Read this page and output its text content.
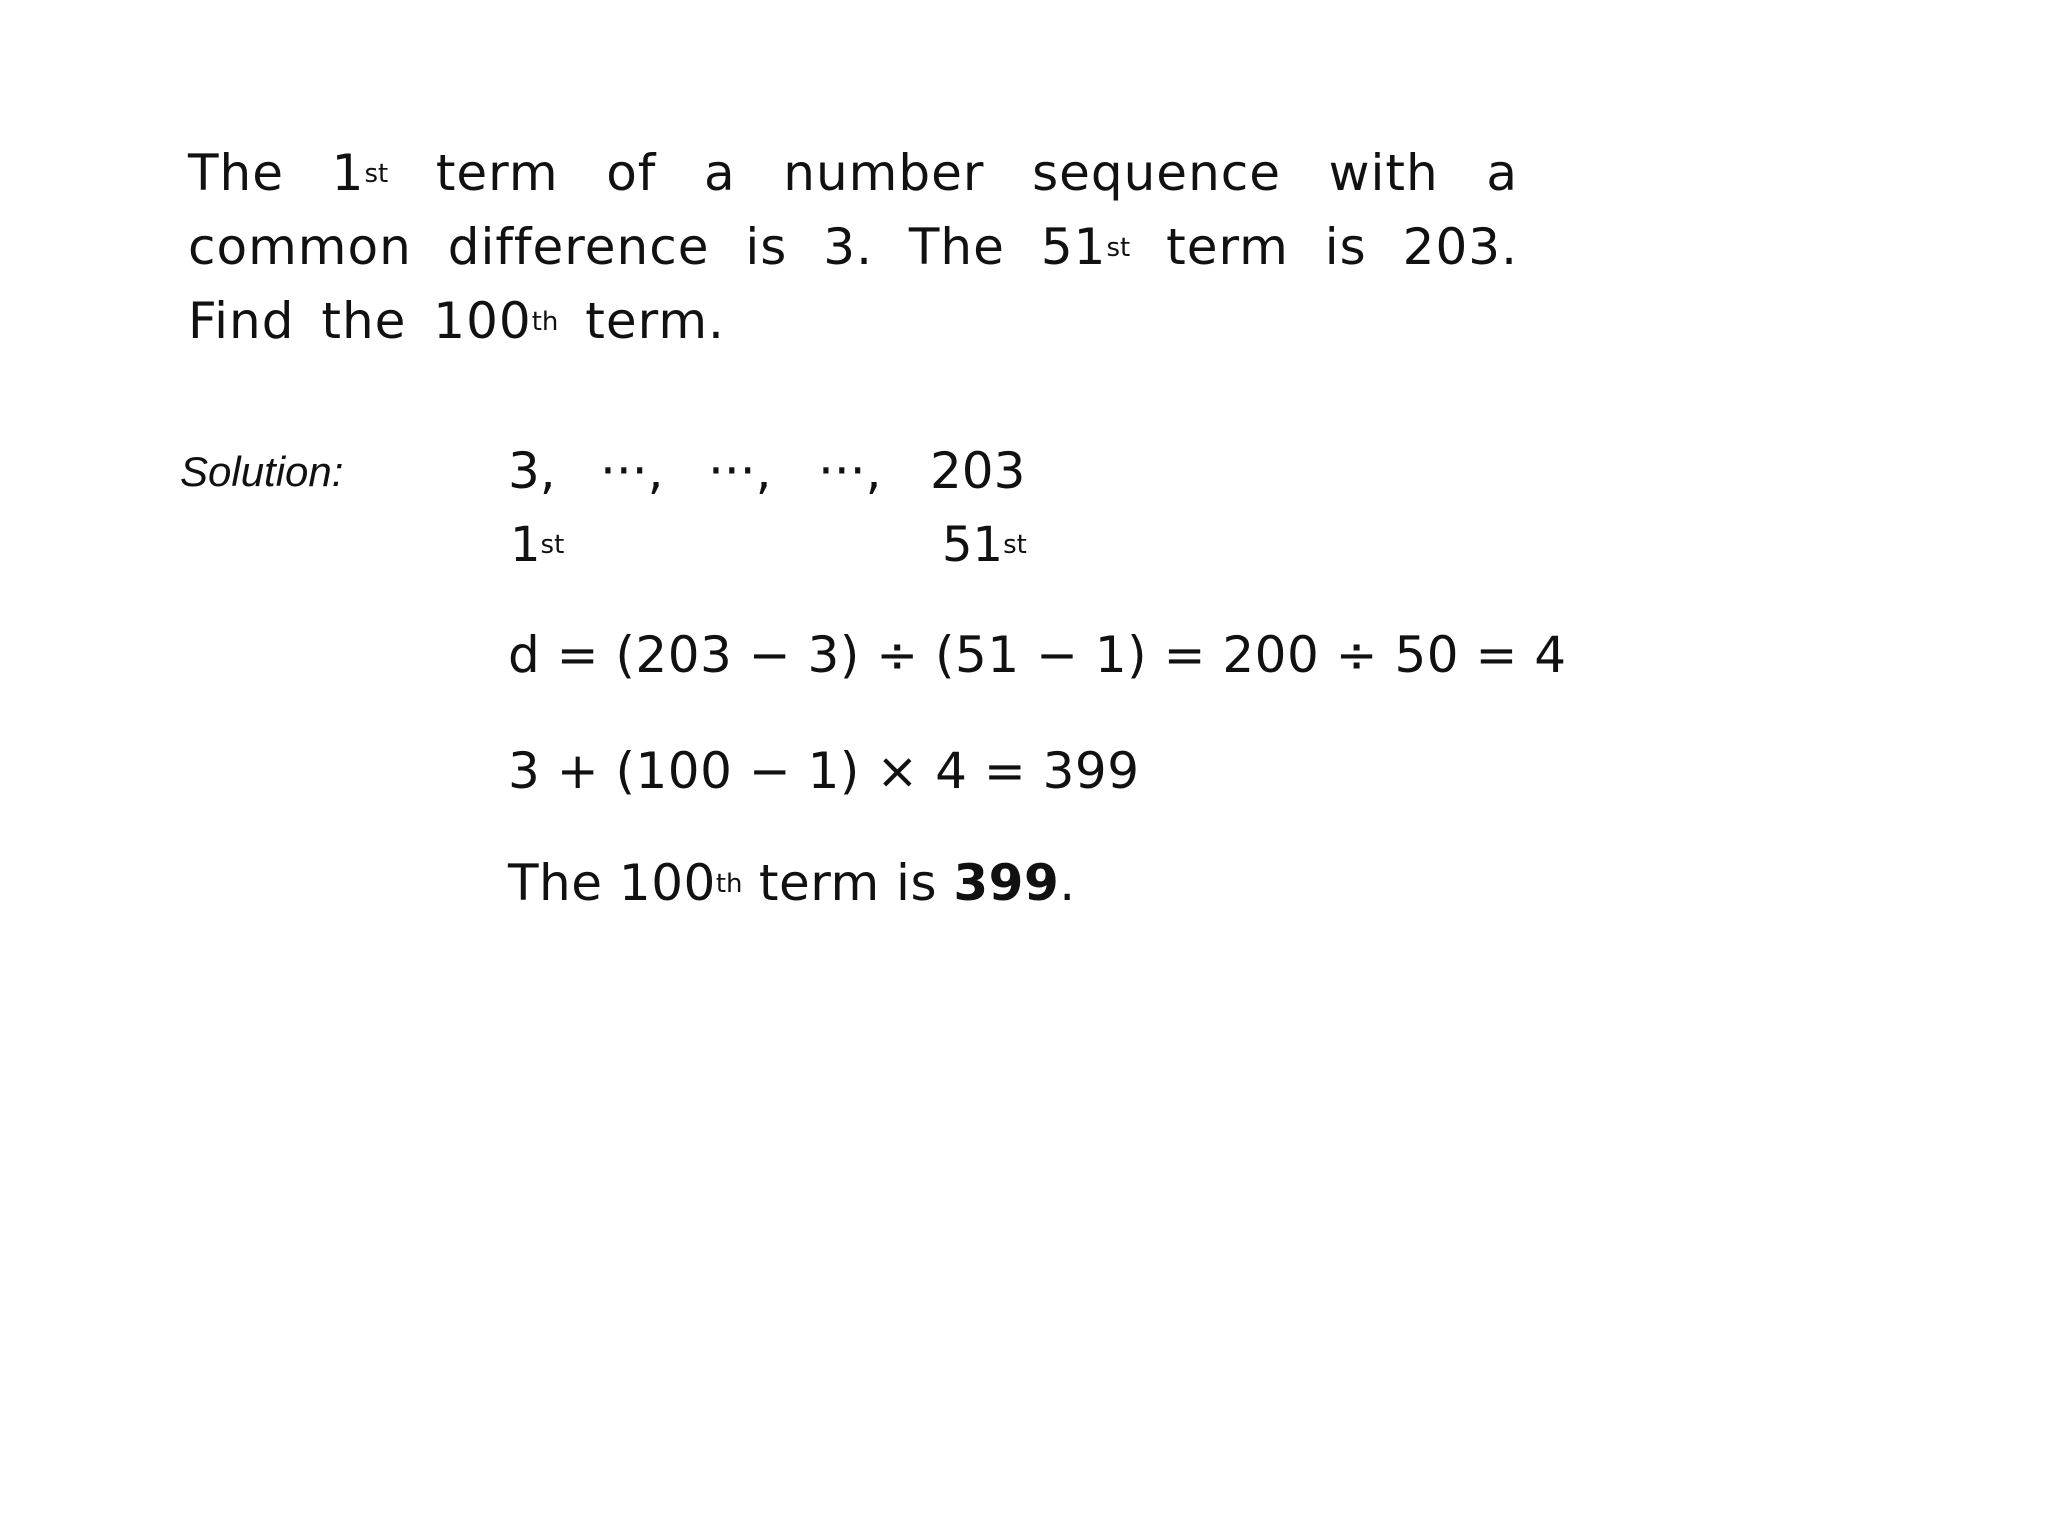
The 1st term of a number sequence with a common difference is 3. The 51st term is 203. Find the 100th term.
Solution:	3, ···, ···, ···, 203
1st	51st
d = (203 − 3) ÷ (51 − 1) = 200 ÷ 50 = 4
3 + (100 − 1) × 4 = 399
The 100th term is 399.
